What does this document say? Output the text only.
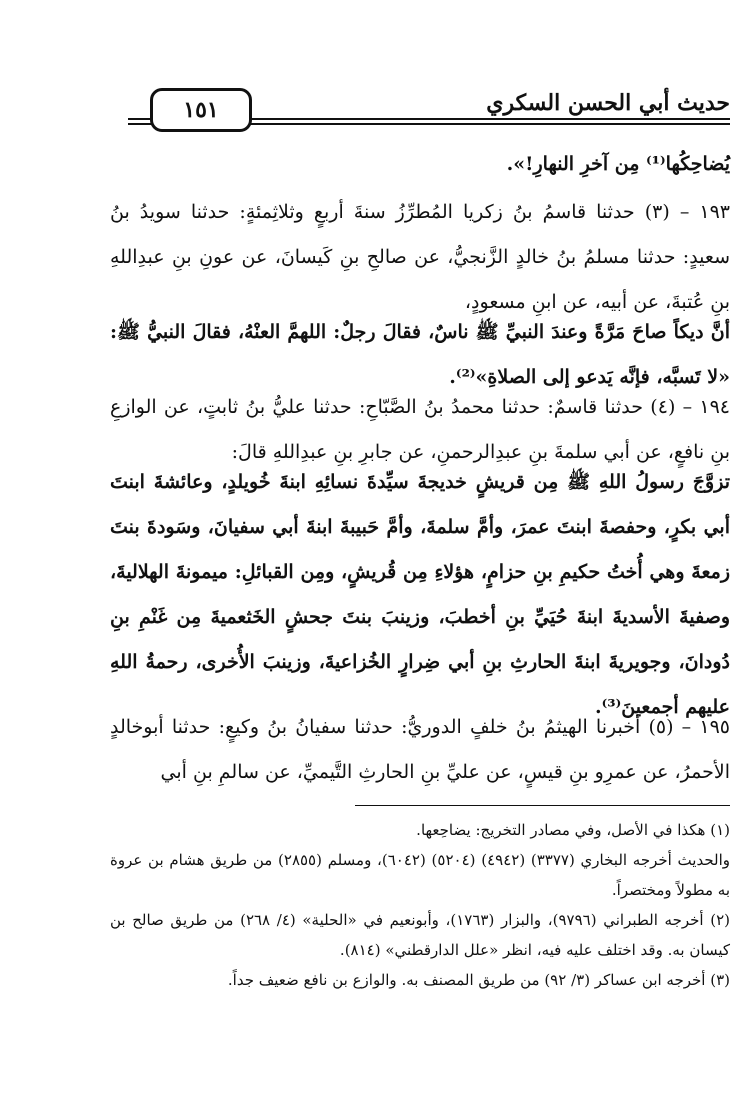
حديث أبي الحسن السكري
١٥١

يُضاحِكُها⁽¹⁾ مِن آخرِ النهارِ!».

١٩٣ – (٣) حدثنا قاسمُ بنُ زكريا المُطرِّزُ سنةَ أربعٍ وثلاثِمئةٍ: حدثنا سويدُ بنُ سعيدٍ: حدثنا مسلمُ بنُ خالدٍ الزَّنجيُّ، عن صالحِ بنِ كَيسانَ، عن عونِ بنِ عبدِاللهِ بنِ عُتبةَ، عن أبيه، عن ابنِ مسعودٍ،

أنَّ ديكاً صاحَ مَرَّةً وعندَ النبيِّ ﷺ ناسٌ، فقالَ رجلٌ: اللهمَّ العنْهُ، فقالَ النبيُّ ﷺ: «لا تَسبَّه، فإنَّه يَدعو إلى الصلاةِ»⁽²⁾.

١٩٤ – (٤) حدثنا قاسمٌ: حدثنا محمدُ بنُ الصَّبّاحِ: حدثنا عليُّ بنُ ثابتٍ، عن الوازعِ بنِ نافعٍ، عن أبي سلمةَ بنِ عبدِالرحمنِ، عن جابرِ بنِ عبدِاللهِ قالَ:

تزوَّجَ رسولُ اللهِ ﷺ مِن قريشٍ خديجةَ سيِّدةَ نسائِهِ ابنةَ خُويلدٍ، وعائشةَ ابنتَ أبي بكرٍ، وحفصةَ ابنتَ عمرَ، وأمَّ سلمةَ، وأمَّ حَبيبةَ ابنةَ أبي سفيانَ، وسَودةَ بنتَ زمعةَ وهي أُختُ حكيمِ بنِ حزامٍ، هؤلاءِ مِن قُريشٍ، ومِن القبائلِ: ميمونةَ الهلاليةَ، وصفيةَ الأسديةَ ابنةَ حُيَيِّ بنِ أخطبَ، وزينبَ بنتَ جحشٍ الخَثعميةَ مِن غَنْمِ بنِ دُودانَ، وجويريةَ ابنةَ الحارثِ بنِ أبي ضِرارٍ الخُزاعيةَ، وزينبَ الأُخرى، رحمةُ اللهِ عليهم أجمعينَ⁽³⁾.

١٩٥ – (٥) أخبرنا الهيثمُ بنُ خلفٍ الدوريُّ: حدثنا سفيانُ بنُ وكيعٍ: حدثنا أبوخالدٍ الأحمرُ، عن عمرِو بنِ قيسٍ، عن عليِّ بنِ الحارثِ التَّيميِّ، عن سالمِ بنِ أبي

(١) هكذا في الأصل، وفي مصادر التخريج: يضاحِعها.

والحديث أخرجه البخاري (٣٣٧٧) (٤٩٤٢) (٥٢٠٤) (٦٠٤٢)، ومسلم (٢٨٥٥) من طريق هشام بن عروة به مطولاً ومختصراً.

(٢) أخرجه الطبراني (٩٧٩٦)، والبزار (١٧٦٣)، وأبونعيم في «الحلية» (٤/ ٢٦٨) من طريق صالح بن كيسان به. وقد اختلف عليه فيه، انظر «علل الدارقطني» (٨١٤).

(٣) أخرجه ابن عساكر (٣/ ٩٢) من طريق المصنف به. والوازع بن نافع ضعيف جداً.
